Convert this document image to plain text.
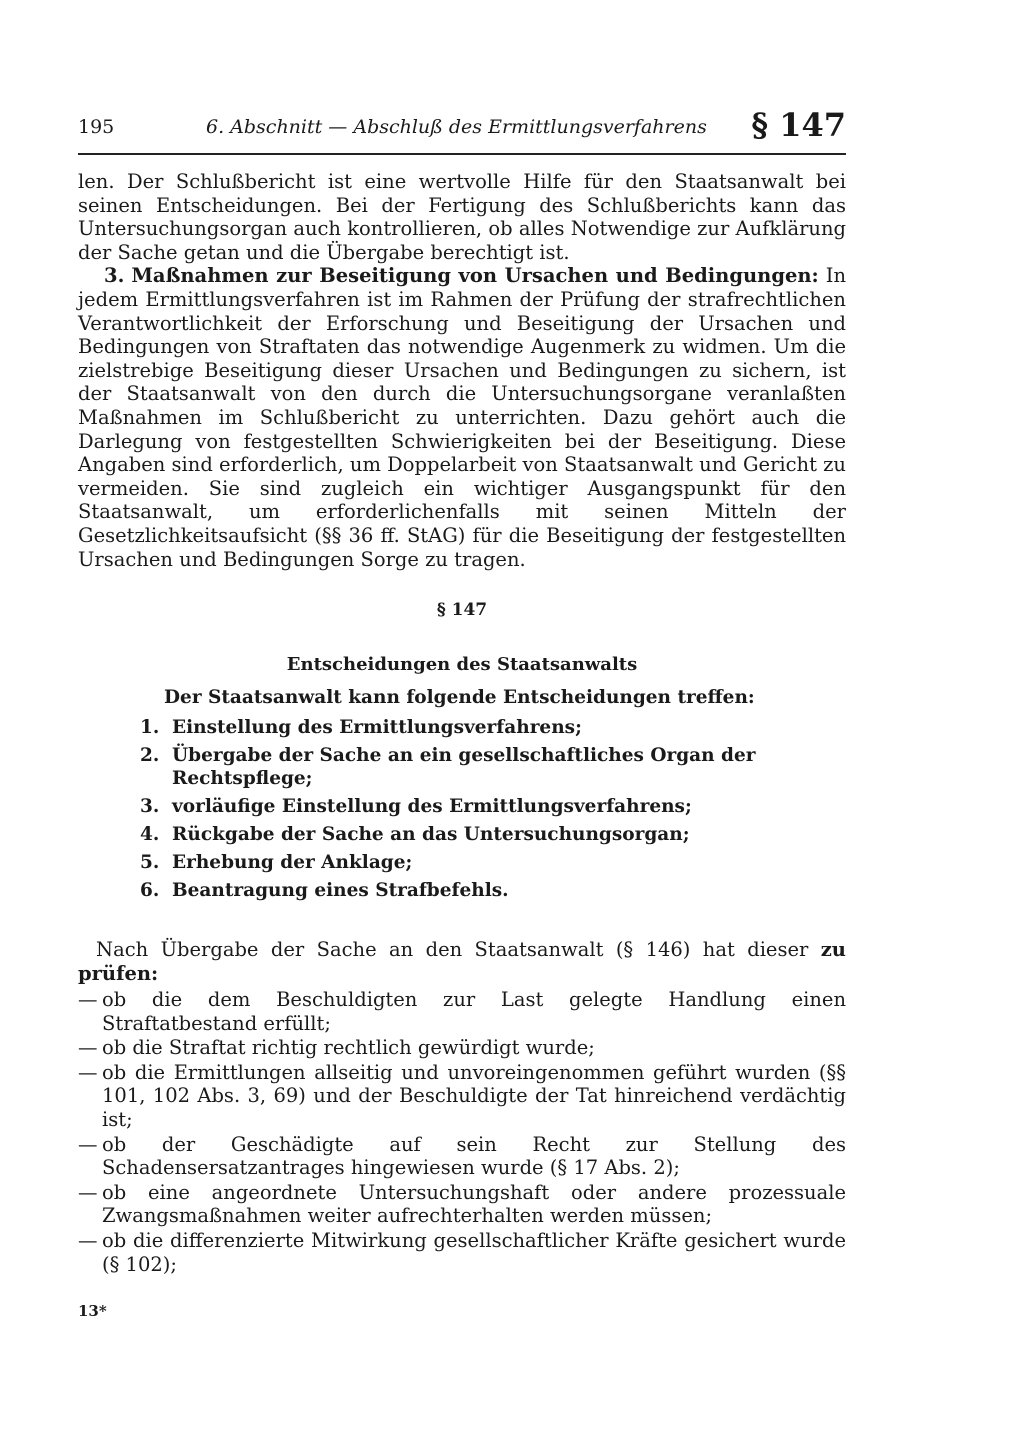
195	6. Abschnitt — Abschluß des Ermittlungsverfahrens § 147

len. Der Schlußbericht ist eine wertvolle Hilfe für den Staatsanwalt bei seinen Entscheidungen. Bei der Fertigung des Schlußberichts kann das Untersuchungsorgan auch kontrollieren, ob alles Notwendige zur Aufklärung der Sache getan und die Übergabe berechtigt ist.

3. Maßnahmen zur Beseitigung von Ursachen und Bedingungen: In jedem Ermittlungsverfahren ist im Rahmen der Prüfung der strafrechtlichen Verantwortlichkeit der Erforschung und Beseitigung der Ursachen und Bedingungen von Straftaten das notwendige Augenmerk zu widmen. Um die zielstrebige Beseitigung dieser Ursachen und Bedingungen zu sichern, ist der Staatsanwalt von den durch die Untersuchungsorgane veranlaßten Maßnahmen im Schlußbericht zu unterrichten. Dazu gehört auch die Darlegung von festgestellten Schwierigkeiten bei der Beseitigung. Diese Angaben sind erforderlich, um Doppelarbeit von Staatsanwalt und Gericht zu vermeiden. Sie sind zugleich ein wichtiger Ausgangspunkt für den Staatsanwalt, um erforderlichenfalls mit seinen Mitteln der Gesetzlichkeitsaufsicht (§§ 36 ff. StAG) für die Beseitigung der festgestellten Ursachen und Bedingungen Sorge zu tragen.

§ 147
Entscheidungen des Staatsanwalts

Der Staatsanwalt kann folgende Entscheidungen treffen:

1. Einstellung des Ermittlungsverfahrens;
2. Übergabe der Sache an ein gesellschaftliches Organ der Rechtspflege;
3. vorläufige Einstellung des Ermittlungsverfahrens;
4. Rückgabe der Sache an das Untersuchungsorgan;
5. Erhebung der Anklage;
6. Beantragung eines Strafbefehls.

Nach Übergabe der Sache an den Staatsanwalt (§ 146) hat dieser zu prüfen:

— ob die dem Beschuldigten zur Last gelegte Handlung einen Straftatbestand erfüllt;
— ob die Straftat richtig rechtlich gewürdigt wurde;
— ob die Ermittlungen allseitig und unvoreingenommen geführt wurden (§§ 101, 102 Abs. 3, 69) und der Beschuldigte der Tat hinreichend verdächtig ist;
— ob der Geschädigte auf sein Recht zur Stellung des Schadensersatzantrages hingewiesen wurde (§ 17 Abs. 2);
— ob eine angeordnete Untersuchungshaft oder andere prozessuale Zwangsmaßnahmen weiter aufrechterhalten werden müssen;
— ob die differenzierte Mitwirkung gesellschaftlicher Kräfte gesichert wurde (§ 102);
13*
